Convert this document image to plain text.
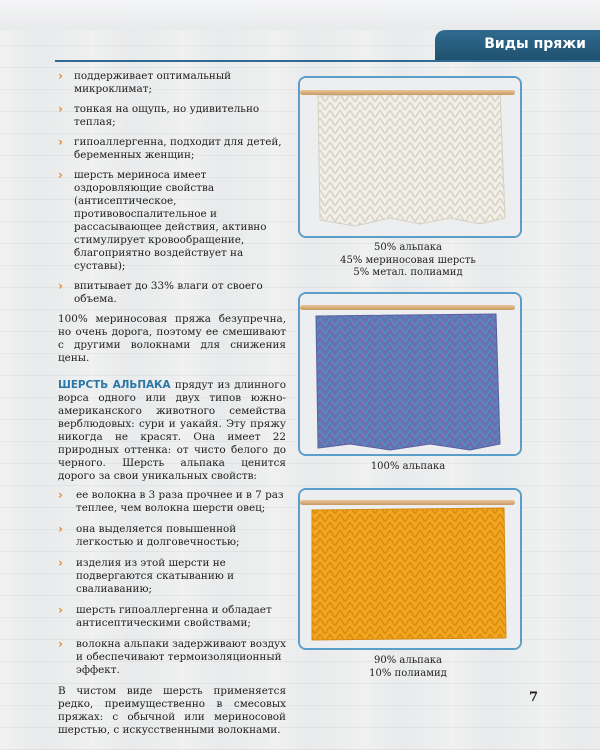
Виды пряжи
› поддерживает оптимальный микроклимат;
› тонкая на ощупь, но удивительно теплая;
› гипоаллергенна, подходит для детей, беременных женщин;
› шерсть мериноса имеет оздоровляющие свойства (антисептическое, противовоспалительное и рассасывающее действия, активно стимулирует кровообращение, благоприятно воздействует на суставы);
› впитывает до 33% влаги от своего объема.

100% мериносовая пряжа безупречна, но очень дорога, поэтому ее смешивают с другими волокнами для снижения цены.

ШЕРСТЬ АЛЬПАКА прядут из длинного ворса одного или двух типов южно-американского животного семейства верблюдовых: сури и уакайя. Эту пряжу никогда не красят. Она имеет 22 природных оттенка: от чисто белого до черного. Шерсть альпака ценится дорого за свои уникальных свойств:

› ее волокна в 3 раза прочнее и в 7 раз теплее, чем волокна шерсти овец;
› она выделяется повышенной легкостью и долговечностью;
› изделия из этой шерсти не подвергаются скатыванию и свалиаванию;
› шерсть гипоаллергенна и обладает антисептическими свойствами;
› волокна альпаки задерживают воздух и обеспечивают термоизоляционный эффект.

В чистом виде шерсть применяется редко, преимущественно в смесовых пряжах: с обычной или мериносовой шерстью, с искусственными волокнами.

50% альпака
45% мериносовая шерсть
5% метал. полиамид
100% альпака
90% альпака
10% полиамид
7
